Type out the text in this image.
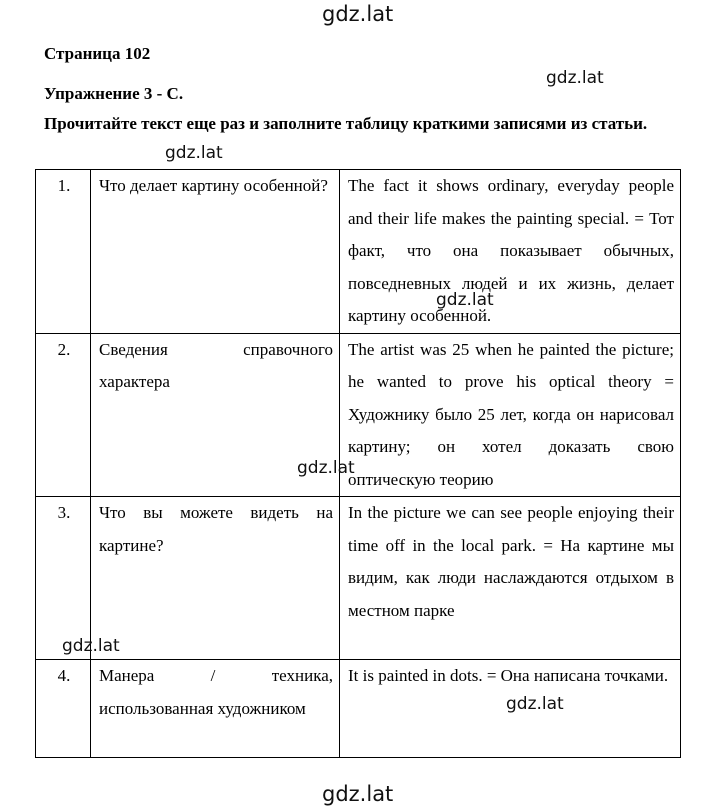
gdz.lat
Страница 102
Упражнение 3 - С.
Прочитайте текст еще раз и заполните таблицу краткими записями из статьи.
1.	Что делает картину особенной?	The fact it shows ordinary, everyday people and their life makes the painting special. = Тот факт, что она показывает обычных, повседневных людей и их жизнь, делает картину особенной.
2.	Сведения справочного характера	The artist was 25 when he painted the picture; he wanted to prove his optical theory = Художнику было 25 лет, когда он нарисовал картину; он хотел доказать свою оптическую теорию
3.	Что вы можете видеть на картине?	In the picture we can see people enjoying their time off in the local park. = На картине мы видим, как люди наслаждаются отдыхом в местном парке
4.	Манера / техника, использованная художником	It is painted in dots. = Она написана точками.
gdz.lat
gdz.lat
gdz.lat
gdz.lat
gdz.lat
gdz.lat
gdz.lat
